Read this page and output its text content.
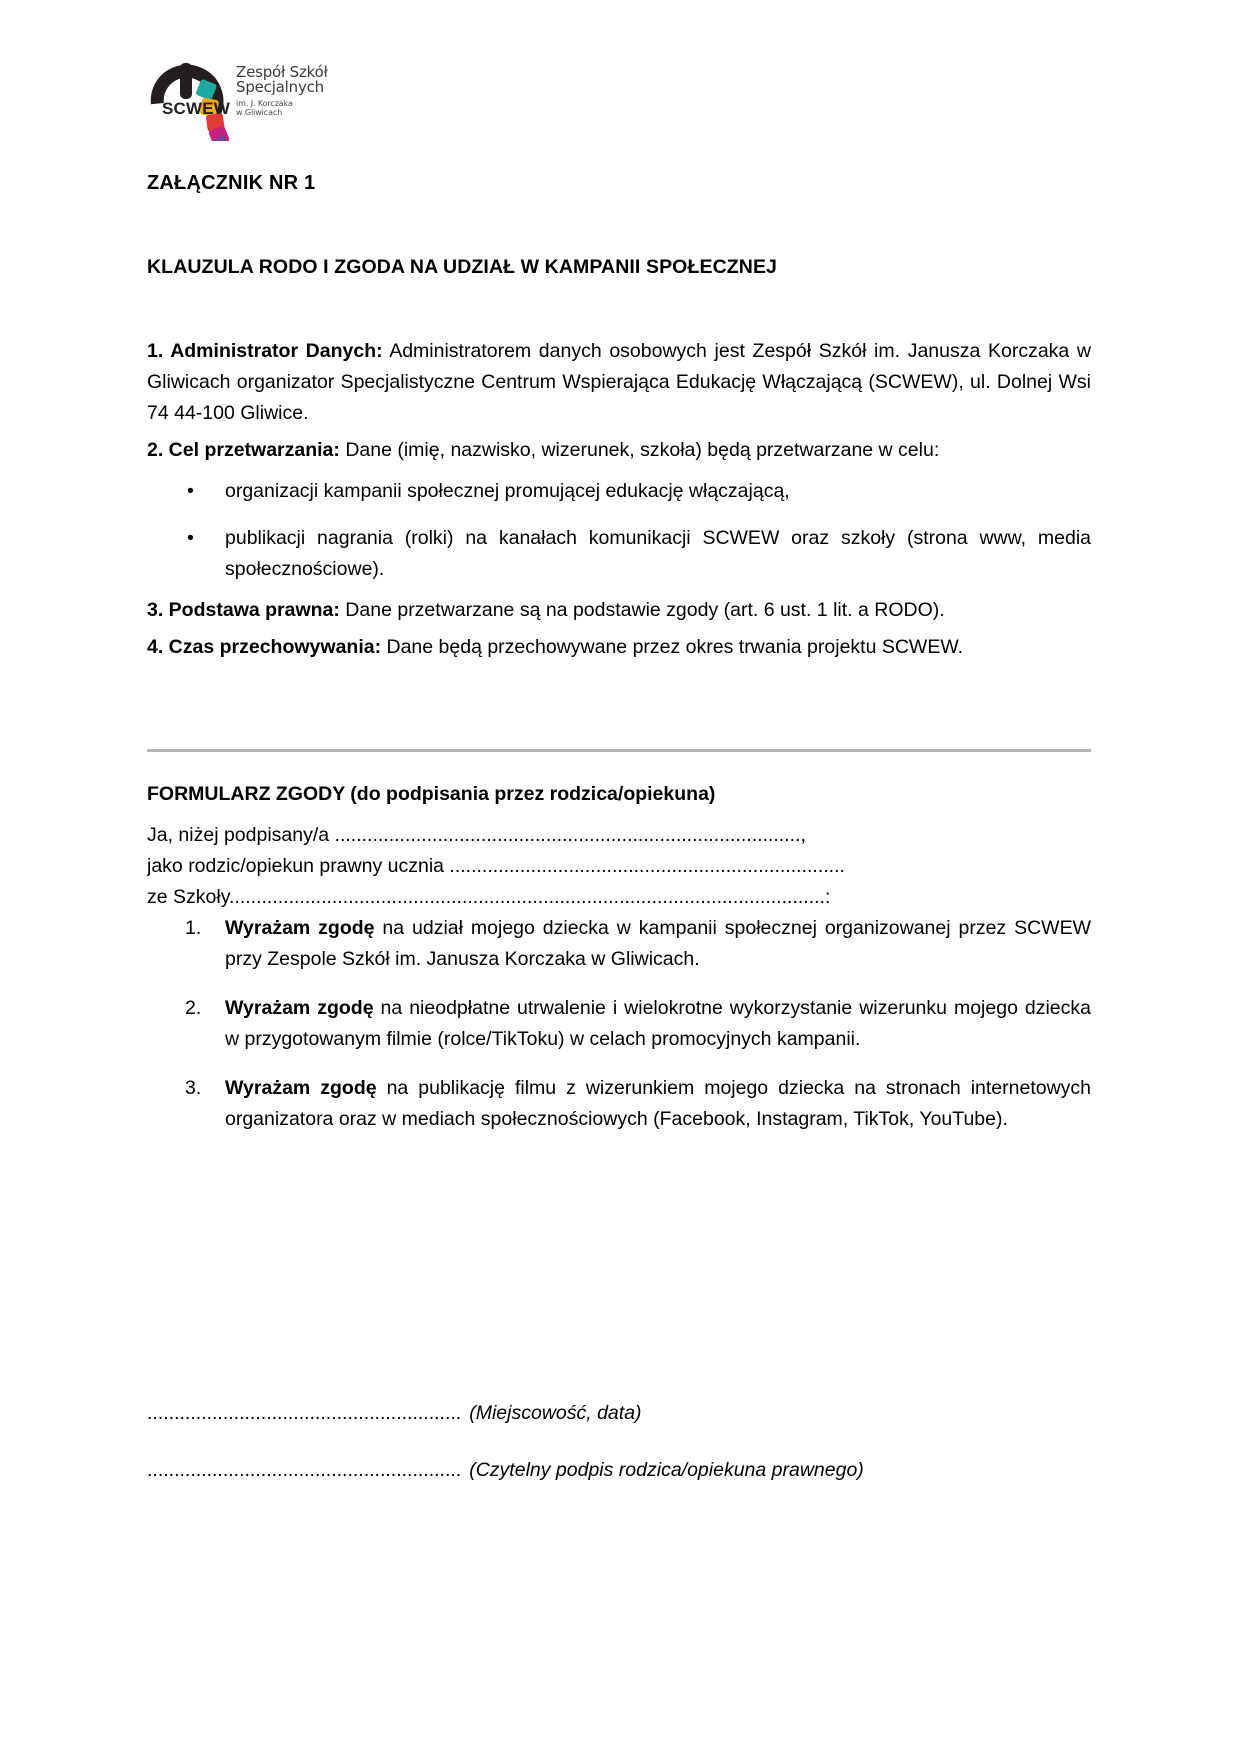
SCWEW
Zespół Szkół
Specjalnych
im. J. Korczaka
w Gliwicach
ZAŁĄCZNIK NR 1
KLAUZULA RODO I ZGODA NA UDZIAŁ W KAMPANII SPOŁECZNEJ

1. Administrator Danych: Administratorem danych osobowych jest Zespół Szkół im. Janusza Korczaka w Gliwicach organizator Specjalistyczne Centrum Wspierająca Edukację Włączającą (SCWEW), ul. Dolnej Wsi 74 44-100 Gliwice.

2. Cel przetwarzania: Dane (imię, nazwisko, wizerunek, szkoła) będą przetwarzane w celu:

• organizacji kampanii społecznej promującej edukację włączającą,
• publikacji nagrania (rolki) na kanałach komunikacji SCWEW oraz szkoły (strona www, media społecznościowe).

3. Podstawa prawna: Dane przetwarzane są na podstawie zgody (art. 6 ust. 1 lit. a RODO).

4. Czas przechowywania: Dane będą przechowywane przez okres trwania projektu SCWEW.

FORMULARZ ZGODY (do podpisania przez rodzica/opiekuna)

Ja, niżej podpisany/a ......................................................................................,

jako rodzic/opiekun prawny ucznia .........................................................................

ze Szkoły..............................................................................................................:

1.	Wyrażam zgodę na udział mojego dziecka w kampanii społecznej organizowanej przez SCWEW przy Zespole Szkół im. Janusza Korczaka w Gliwicach.
2.	Wyrażam zgodę na nieodpłatne utrwalenie i wielokrotne wykorzystanie wizerunku mojego dziecka w przygotowanym filmie (rolce/TikToku) w celach promocyjnych kampanii.
3.	Wyrażam zgodę na publikację filmu z wizerunkiem mojego dziecka na stronach internetowych organizatora oraz w mediach społecznościowych (Facebook, Instagram, TikTok, YouTube).

.......................................................... (Miejscowość, data)

.......................................................... (Czytelny podpis rodzica/opiekuna prawnego)
